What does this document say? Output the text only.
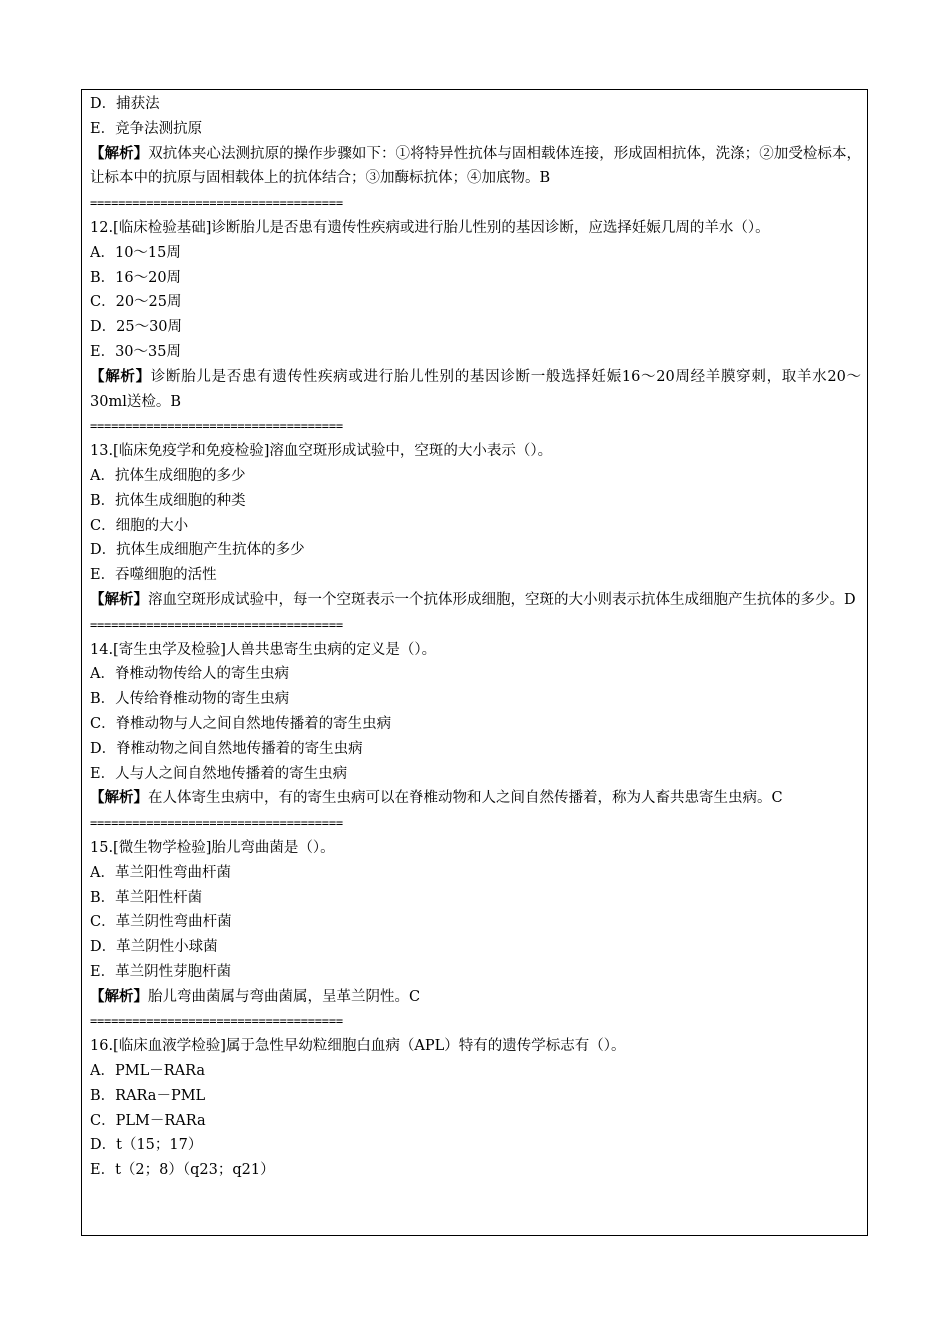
D．捕获法
E．竞争法测抗原
【解析】双抗体夹心法测抗原的操作步骤如下：①将特异性抗体与固相载体连接，形成固相抗体，洗涤；②加受检标本，让标本中的抗原与固相载体上的抗体结合；③加酶标抗体；④加底物。B
====================================
12.[临床检验基础]诊断胎儿是否患有遗传性疾病或进行胎儿性别的基因诊断，应选择妊娠几周的羊水（）。
A．10～15周
B．16～20周
C．20～25周
D．25～30周
E．30～35周
【解析】诊断胎儿是否患有遗传性疾病或进行胎儿性别的基因诊断一般选择妊娠16～20周经羊膜穿刺，取羊水20～30ml送检。B
====================================
13.[临床免疫学和免疫检验]溶血空斑形成试验中，空斑的大小表示（）。
A．抗体生成细胞的多少
B．抗体生成细胞的种类
C．细胞的大小
D．抗体生成细胞产生抗体的多少
E．吞噬细胞的活性
【解析】溶血空斑形成试验中，每一个空斑表示一个抗体形成细胞，空斑的大小则表示抗体生成细胞产生抗体的多少。D
====================================
14.[寄生虫学及检验]人兽共患寄生虫病的定义是（）。
A．脊椎动物传给人的寄生虫病
B．人传给脊椎动物的寄生虫病
C．脊椎动物与人之间自然地传播着的寄生虫病
D．脊椎动物之间自然地传播着的寄生虫病
E．人与人之间自然地传播着的寄生虫病
【解析】在人体寄生虫病中，有的寄生虫病可以在脊椎动物和人之间自然传播着，称为人畜共患寄生虫病。C
====================================
15.[微生物学检验]胎儿弯曲菌是（）。
A．革兰阳性弯曲杆菌
B．革兰阳性杆菌
C．革兰阴性弯曲杆菌
D．革兰阴性小球菌
E．革兰阴性芽胞杆菌
【解析】胎儿弯曲菌属与弯曲菌属，呈革兰阴性。C
====================================
16.[临床血液学检验]属于急性早幼粒细胞白血病（APL）特有的遗传学标志有（）。
A．PML－RARa
B．RARa－PML
C．PLM－RARa
D．t（15；17）
E．t（2；8）（q23；q21）
